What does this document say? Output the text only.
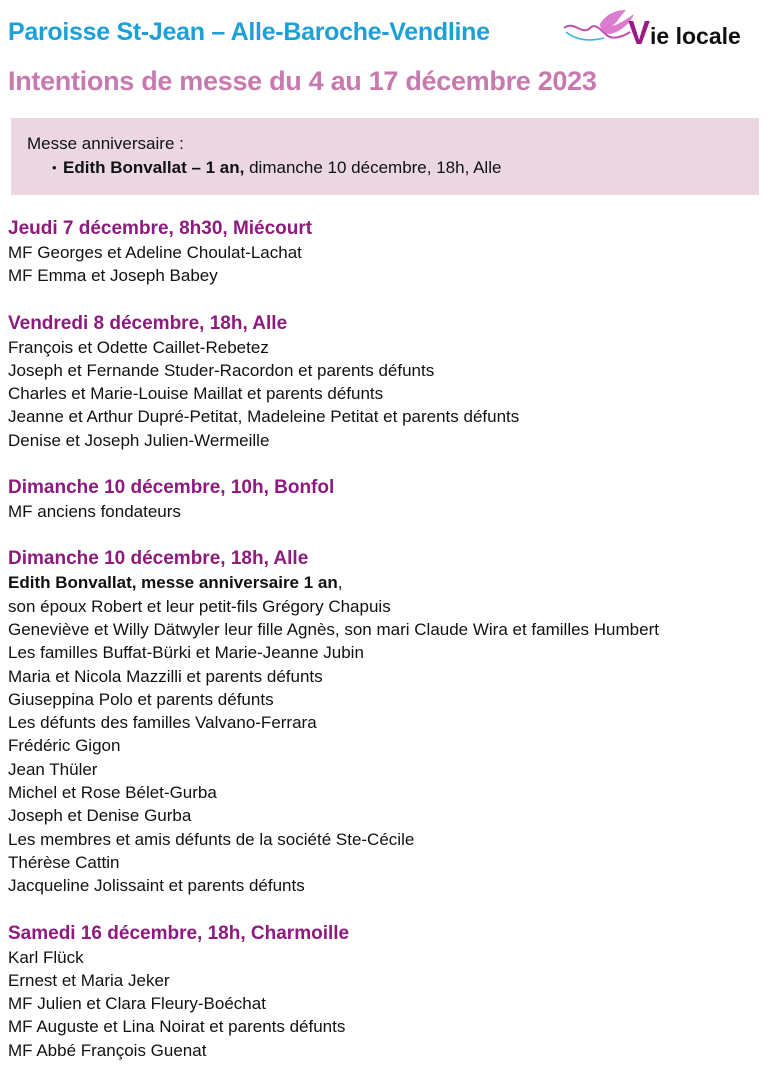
Paroisse St-Jean – Alle-Baroche-Vendline	Vie locale
Intentions de messe du 4 au 17 décembre 2023
Messe anniversaire :
• Edith Bonvallat – 1 an, dimanche 10 décembre, 18h, Alle
Jeudi 7 décembre, 8h30, Miécourt
MF Georges et Adeline Choulat-Lachat
MF Emma et Joseph Babey
Vendredi 8 décembre, 18h, Alle
François et Odette Caillet-Rebetez
Joseph et Fernande Studer-Racordon et parents défunts
Charles et Marie-Louise Maillat et parents défunts
Jeanne et Arthur Dupré-Petitat, Madeleine Petitat et parents défunts
Denise et Joseph Julien-Wermeille
Dimanche 10 décembre, 10h, Bonfol
MF anciens fondateurs
Dimanche 10 décembre, 18h, Alle
Edith Bonvallat, messe anniversaire 1 an,
son époux Robert et leur petit-fils Grégory Chapuis
Geneviève et Willy Dätwyler leur fille Agnès, son mari Claude Wira et familles Humbert
Les familles Buffat-Bürki et Marie-Jeanne Jubin
Maria et Nicola Mazzilli et parents défunts
Giuseppina Polo et parents défunts
Les défunts des familles Valvano-Ferrara
Frédéric Gigon
Jean Thüler
Michel et Rose Bélet-Gurba
Joseph et Denise Gurba
Les membres et amis défunts de la société Ste-Cécile
Thérèse Cattin
Jacqueline Jolissaint et parents défunts
Samedi 16 décembre, 18h, Charmoille
Karl Flück
Ernest et Maria Jeker
MF Julien et Clara Fleury-Boéchat
MF Auguste et Lina Noirat et parents défunts
MF Abbé François Guenat
